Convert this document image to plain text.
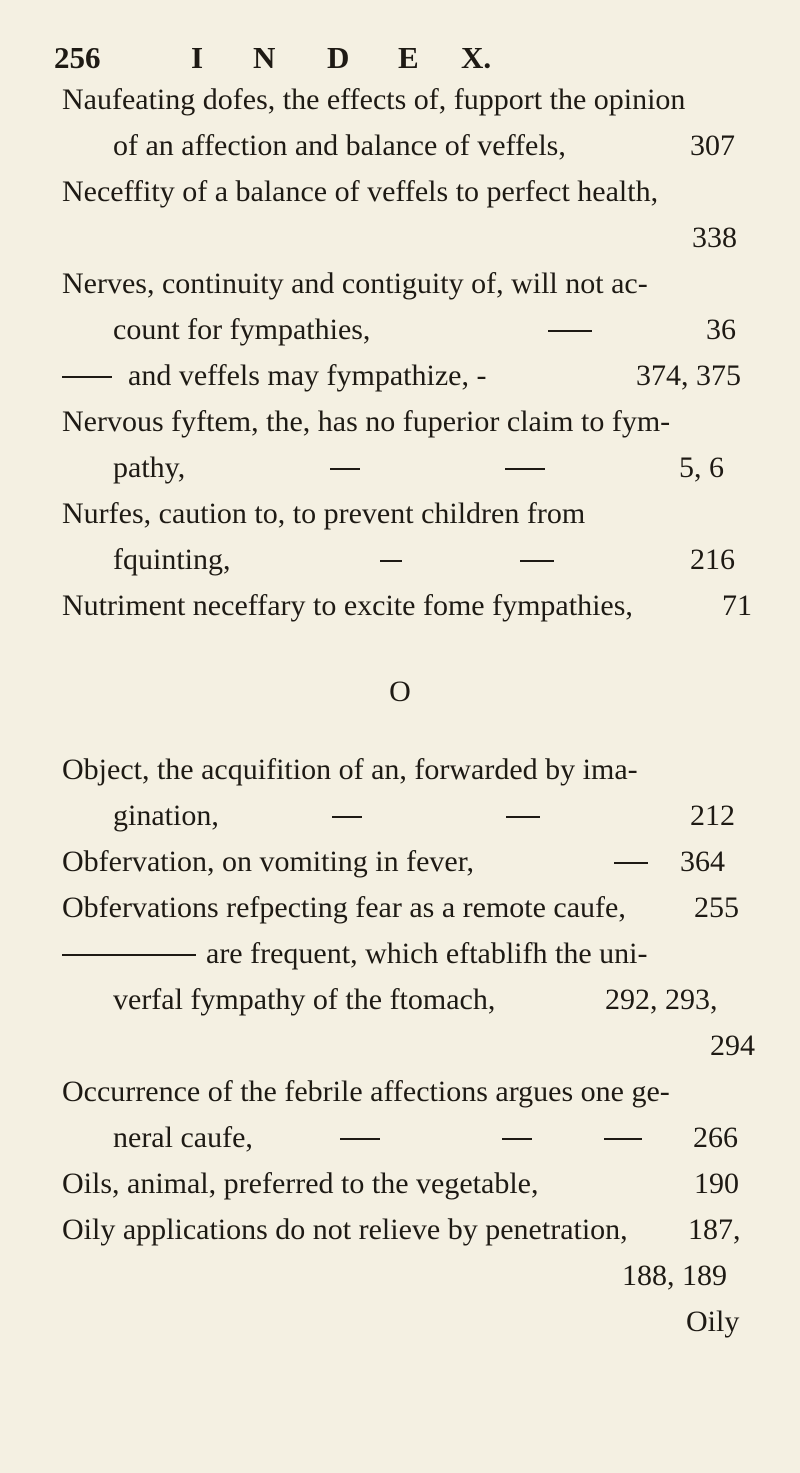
256	I N D E X.
Naufeating dofes, the effects of, fupport the opinion
of an affection and balance of veffels,	307
Neceffity of a balance of veffels to perfect health,
338
Nerves, continuity and contiguity of, will not ac-
count for fympathies,	36
and veffels may fympathize, -	374, 375
Nervous fyftem, the, has no fuperior claim to fym-
pathy,	5, 6
Nurfes, caution to, to prevent children from
fquinting,	216
Nutriment neceffary to excite fome fympathies,	71
O
Object, the acquifition of an, forwarded by ima-
gination,	212
Obfervation, on vomiting in fever,	364
Obfervations refpecting fear as a remote caufe, 255
are frequent, which eftablifh the uni-
verfal fympathy of the ftomach,	292, 293,
294
Occurrence of the febrile affections argues one ge-
neral caufe,	266
Oils, animal, preferred to the vegetable,	190
Oily applications do not relieve by penetration, 187,
188, 189
Oily
